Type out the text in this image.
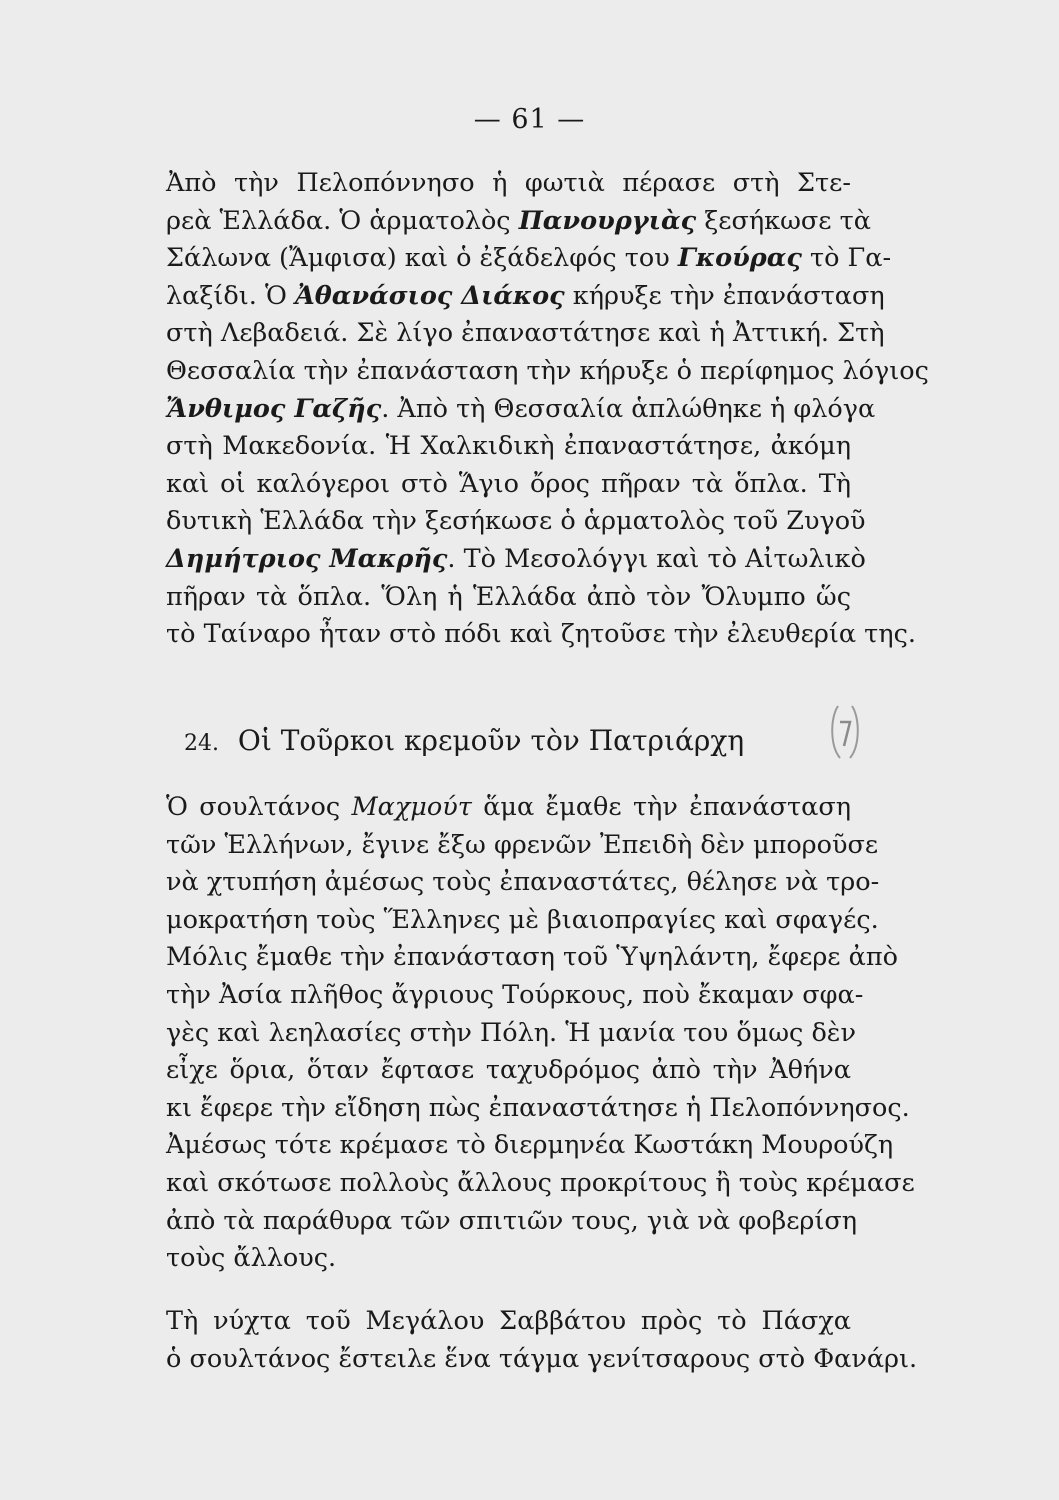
— 61 —
Ἀπὸ τὴν Πελοπόννησο ἡ φωτιὰ πέρασε στὴ Στε-
ρεὰ Ἑλλάδα. Ὁ ἁρματολὸς Πανουργιὰς ξεσήκωσε τὰ
Σάλωνα (Ἄμφισα) καὶ ὁ ἐξάδελφός του Γκούρας τὸ Γα-
λαξίδι. Ὁ Ἀθανάσιος Διάκος κήρυξε τὴν ἐπανάσταση
στὴ Λεβαδειά. Σὲ λίγο ἐπαναστάτησε καὶ ἡ Ἀττική. Στὴ
Θεσσαλία τὴν ἐπανάσταση τὴν κήρυξε ὁ περίφημος λόγιος
Ἄνθιμος Γαζῆς. Ἀπὸ τὴ Θεσσαλία ἁπλώθηκε ἡ φλόγα
στὴ Μακεδονία. Ἡ Χαλκιδικὴ ἐπαναστάτησε, ἀκόμη
καὶ οἱ καλόγεροι στὸ Ἅγιο ὄρος πῆραν τὰ ὅπλα. Τὴ
δυτικὴ Ἑλλάδα τὴν ξεσήκωσε ὁ ἁρματολὸς τοῦ Ζυγοῦ
Δημήτριος Μακρῆς. Τὸ Μεσολόγγι καὶ τὸ Αἰτωλικὸ
πῆραν τὰ ὅπλα. Ὅλη ἡ Ἑλλάδα ἀπὸ τὸν Ὄλυμπο ὥς
τὸ Ταίναρο ἦταν στὸ πόδι καὶ ζητοῦσε τὴν ἐλευθερία της.
24. Οἱ Τοῦρκοι κρεμοῦν τὸν Πατριάρχη
Ὁ σουλτάνος Μαχμούτ ἅμα ἔμαθε τὴν ἐπανάσταση
τῶν Ἑλλήνων, ἔγινε ἔξω φρενῶν Ἐπειδὴ δὲν μποροῦσε
νὰ χτυπήση ἀμέσως τοὺς ἐπαναστάτες, θέλησε νὰ τρο-
μοκρατήση τοὺς Ἕλληνες μὲ βιαιοπραγίες καὶ σφαγές.
Μόλις ἔμαθε τὴν ἐπανάσταση τοῦ Ὑψηλάντη, ἔφερε ἀπὸ
τὴν Ἀσία πλῆθος ἄγριους Τούρκους, ποὺ ἔκαμαν σφα-
γὲς καὶ λεηλασίες στὴν Πόλη. Ἡ μανία του ὅμως δὲν
εἶχε ὅρια, ὅταν ἔφτασε ταχυδρόμος ἀπὸ τὴν Ἀθήνα
κι ἔφερε τὴν εἴδηση πὼς ἐπαναστάτησε ἡ Πελοπόννησος.
Ἀμέσως τότε κρέμασε τὸ διερμηνέα Κωστάκη Μουρούζη
καὶ σκότωσε πολλοὺς ἄλλους προκρίτους ἢ τοὺς κρέμασε
ἀπὸ τὰ παράθυρα τῶν σπιτιῶν τους, γιὰ νὰ φοβερίση
τοὺς ἄλλους.
Τὴ νύχτα τοῦ Μεγάλου Σαββάτου πρὸς τὸ Πάσχα
ὁ σουλτάνος ἔστειλε ἕνα τάγμα γενίτσαρους στὸ Φανάρι.
